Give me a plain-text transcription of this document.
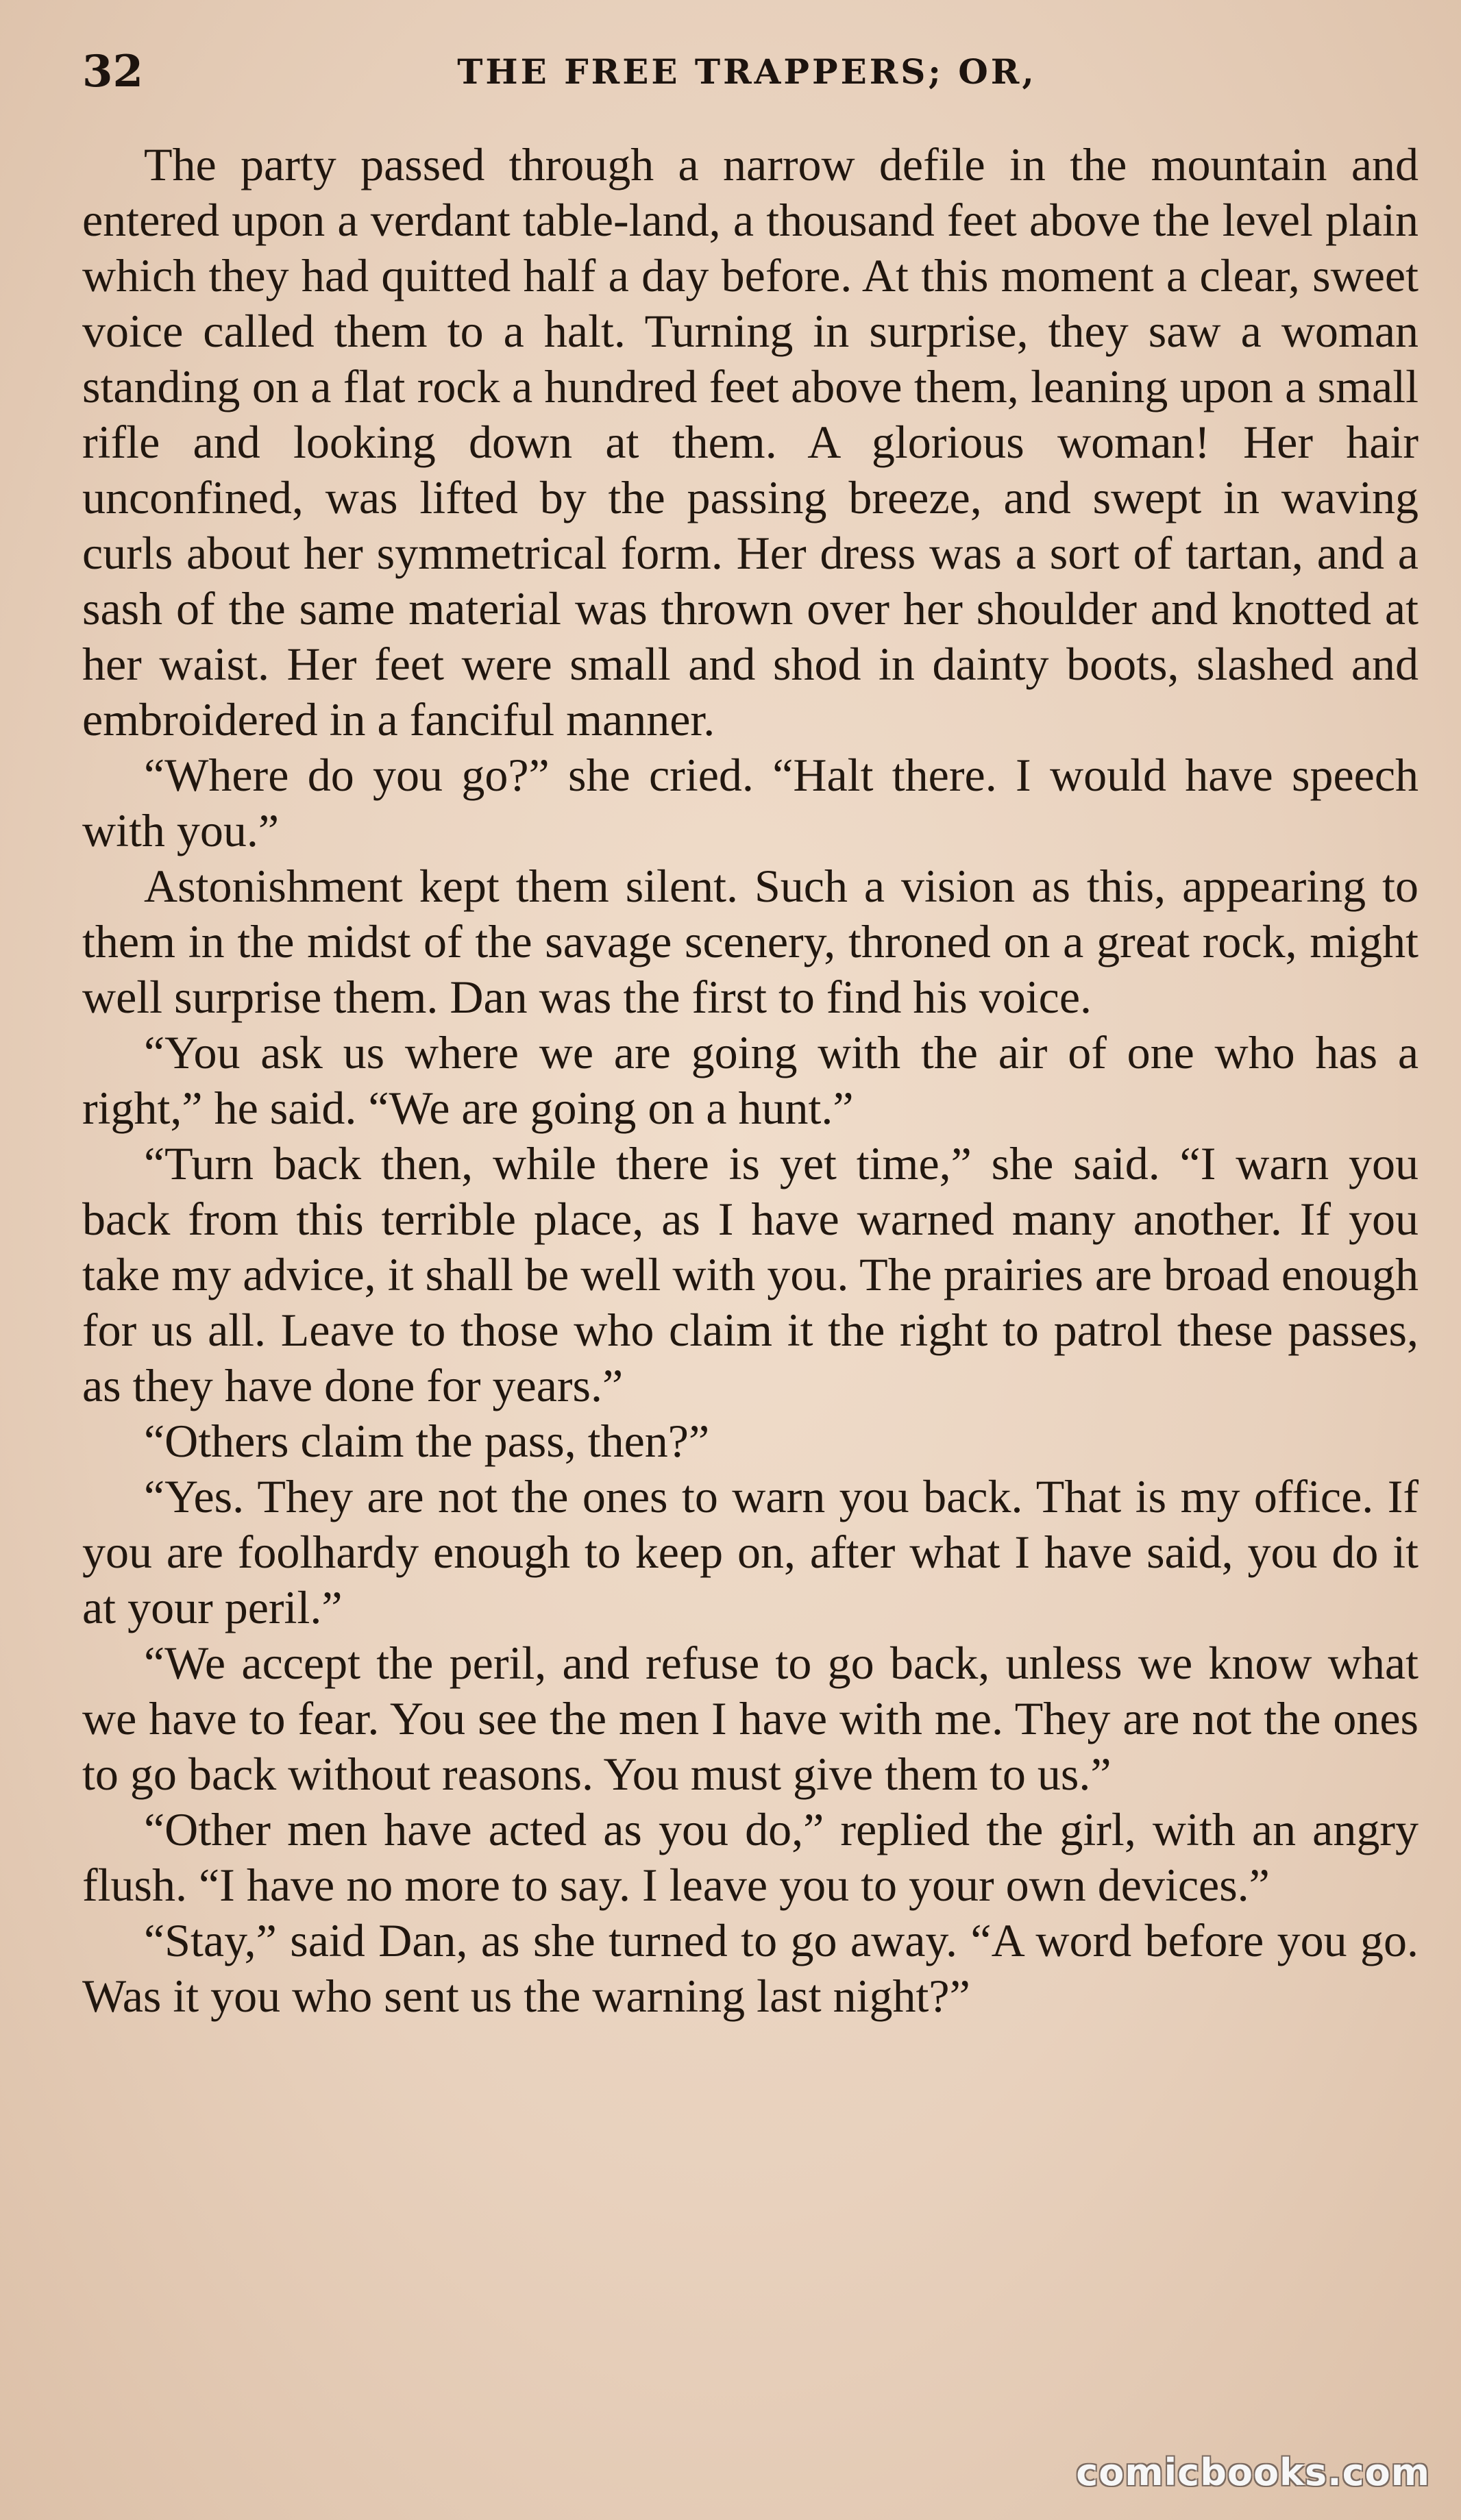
32	THE FREE TRAPPERS; OR,

The party passed through a narrow defile in the mountain and entered upon a verdant table-land, a thousand feet above the level plain which they had quitted half a day before. At this moment a clear, sweet voice called them to a halt. Turning in surprise, they saw a woman standing on a flat rock a hundred feet above them, leaning upon a small rifle and looking down at them. A glorious woman! Her hair unconfined, was lifted by the passing breeze, and swept in waving curls about her symmetrical form. Her dress was a sort of tartan, and a sash of the same material was thrown over her shoulder and knotted at her waist. Her feet were small and shod in dainty boots, slashed and embroidered in a fanciful manner.

“Where do you go?” she cried. “Halt there. I would have speech with you.”

Astonishment kept them silent. Such a vision as this, appearing to them in the midst of the savage scenery, throned on a great rock, might well surprise them. Dan was the first to find his voice.

“You ask us where we are going with the air of one who has a right,” he said. “We are going on a hunt.”

“Turn back then, while there is yet time,” she said. “I warn you back from this terrible place, as I have warned many another. If you take my advice, it shall be well with you. The prairies are broad enough for us all. Leave to those who claim it the right to patrol these passes, as they have done for years.”

“Others claim the pass, then?”

“Yes. They are not the ones to warn you back. That is my office. If you are foolhardy enough to keep on, after what I have said, you do it at your peril.”

“We accept the peril, and refuse to go back, unless we know what we have to fear. You see the men I have with me. They are not the ones to go back without reasons. You must give them to us.”

“Other men have acted as you do,” replied the girl, with an angry flush. “I have no more to say. I leave you to your own devices.”

“Stay,” said Dan, as she turned to go away. “A word before you go. Was it you who sent us the warning last night?”

comicbooks.com
